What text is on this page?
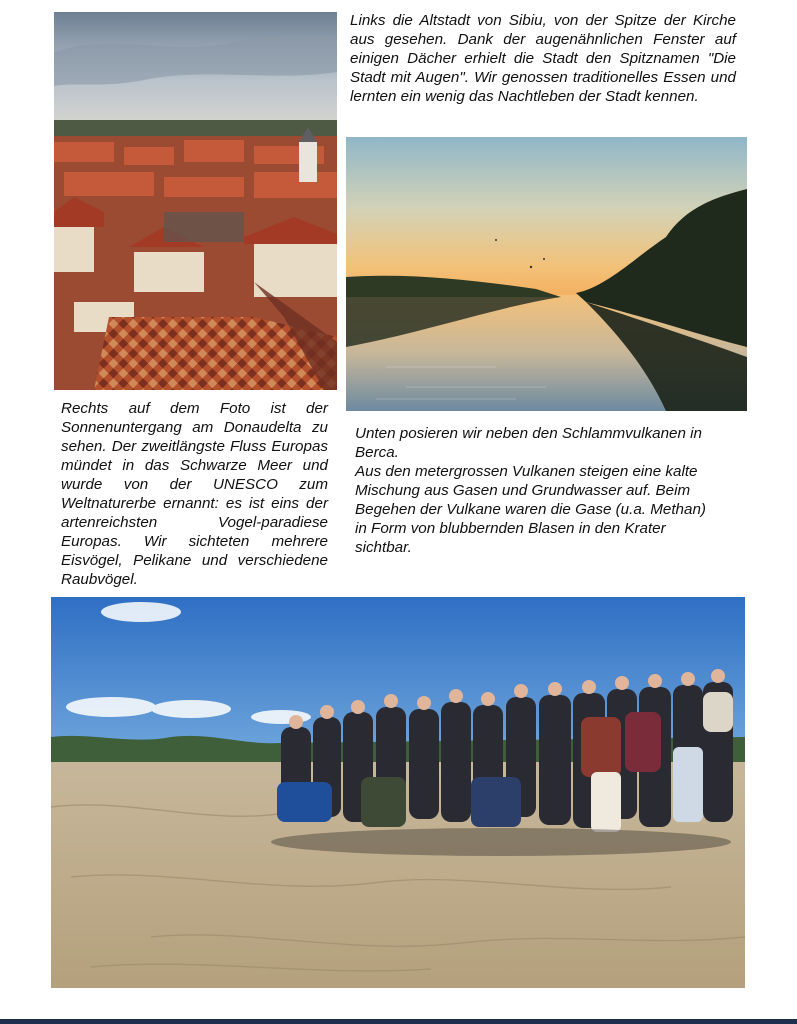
Links die Altstadt von Sibiu, von der Spitze der Kirche aus gesehen. Dank der augenähnlichen Fenster auf einigen Dächer erhielt die Stadt den Spitznamen "Die Stadt mit Augen". Wir genossen traditionelles Essen und lernten ein wenig das Nachtleben der Stadt kennen.

Rechts auf dem Foto ist der Sonnenuntergang am Donaudelta zu sehen. Der zweitlängste Fluss Europas mündet in das Schwarze Meer und wurde von der UNESCO zum Weltnaturerbe ernannt: es ist eins der artenreichsten Vogel-paradiese Europas. Wir sichteten mehrere Eisvögel, Pelikane und verschiedene Raubvögel.

Unten posieren wir neben den Schlammvulkanen in
Berca.
Aus den metergrossen Vulkanen steigen eine kalte
Mischung aus Gasen und Grundwasser auf. Beim
Begehen der Vulkane waren die Gase (u.a. Methan)
in Form von blubbernden Blasen in den Krater
sichtbar.
